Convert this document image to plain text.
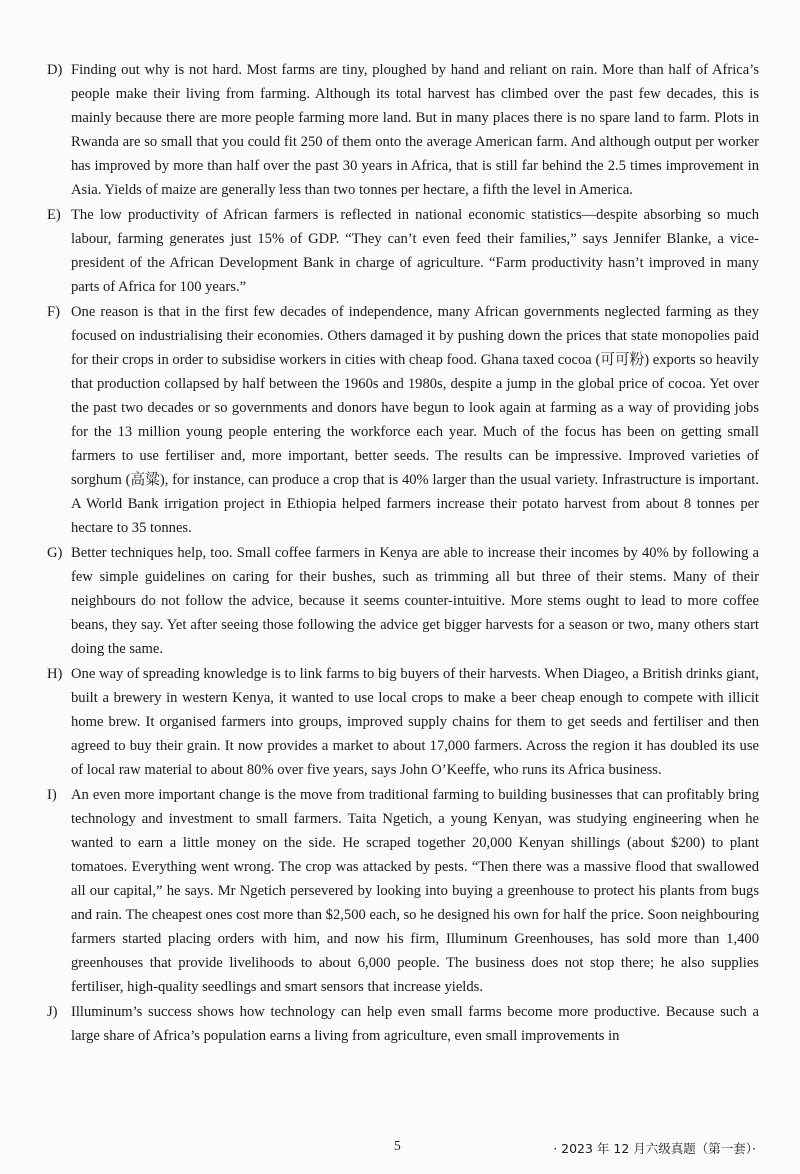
D) Finding out why is not hard. Most farms are tiny, ploughed by hand and reliant on rain. More than half of Africa’s people make their living from farming. Although its total harvest has climbed over the past few decades, this is mainly because there are more people farming more land. But in many places there is no spare land to farm. Plots in Rwanda are so small that you could fit 250 of them onto the average American farm. And although output per worker has improved by more than half over the past 30 years in Africa, that is still far behind the 2.5 times improvement in Asia. Yields of maize are generally less than two tonnes per hectare, a fifth the level in America.
E) The low productivity of African farmers is reflected in national economic statistics—despite absorbing so much labour, farming generates just 15% of GDP. “They can’t even feed their families,” says Jennifer Blanke, a vice-president of the African Development Bank in charge of agriculture. “Farm productivity hasn’t improved in many parts of Africa for 100 years.”
F) One reason is that in the first few decades of independence, many African governments neglected farming as they focused on industrialising their economies. Others damaged it by pushing down the prices that state monopolies paid for their crops in order to subsidise workers in cities with cheap food. Ghana taxed cocoa (可可粉) exports so heavily that production collapsed by half between the 1960s and 1980s, despite a jump in the global price of cocoa. Yet over the past two decades or so governments and donors have begun to look again at farming as a way of providing jobs for the 13 million young people entering the workforce each year. Much of the focus has been on getting small farmers to use fertiliser and, more important, better seeds. The results can be impressive. Improved varieties of sorghum (高粱), for instance, can produce a crop that is 40% larger than the usual variety. Infrastructure is important. A World Bank irrigation project in Ethiopia helped farmers increase their potato harvest from about 8 tonnes per hectare to 35 tonnes.
G) Better techniques help, too. Small coffee farmers in Kenya are able to increase their incomes by 40% by following a few simple guidelines on caring for their bushes, such as trimming all but three of their stems. Many of their neighbours do not follow the advice, because it seems counter-intuitive. More stems ought to lead to more coffee beans, they say. Yet after seeing those following the advice get bigger harvests for a season or two, many others start doing the same.
H) One way of spreading knowledge is to link farms to big buyers of their harvests. When Diageo, a British drinks giant, built a brewery in western Kenya, it wanted to use local crops to make a beer cheap enough to compete with illicit home brew. It organised farmers into groups, improved supply chains for them to get seeds and fertiliser and then agreed to buy their grain. It now provides a market to about 17,000 farmers. Across the region it has doubled its use of local raw material to about 80% over five years, says John O’Keeffe, who runs its Africa business.
I) An even more important change is the move from traditional farming to building businesses that can profitably bring technology and investment to small farmers. Taita Ngetich, a young Kenyan, was studying engineering when he wanted to earn a little money on the side. He scraped together 20,000 Kenyan shillings (about $200) to plant tomatoes. Everything went wrong. The crop was attacked by pests. “Then there was a massive flood that swallowed all our capital,” he says. Mr Ngetich persevered by looking into buying a greenhouse to protect his plants from bugs and rain. The cheapest ones cost more than $2,500 each, so he designed his own for half the price. Soon neighbouring farmers started placing orders with him, and now his firm, Illuminum Greenhouses, has sold more than 1,400 greenhouses that provide livelihoods to about 6,000 people. The business does not stop there; he also supplies fertiliser, high-quality seedlings and smart sensors that increase yields.
J) Illuminum’s success shows how technology can help even small farms become more productive. Because such a large share of Africa’s population earns a living from agriculture, even small improvements in
5	· 2023 年 12 月六级真题（第一套）·
